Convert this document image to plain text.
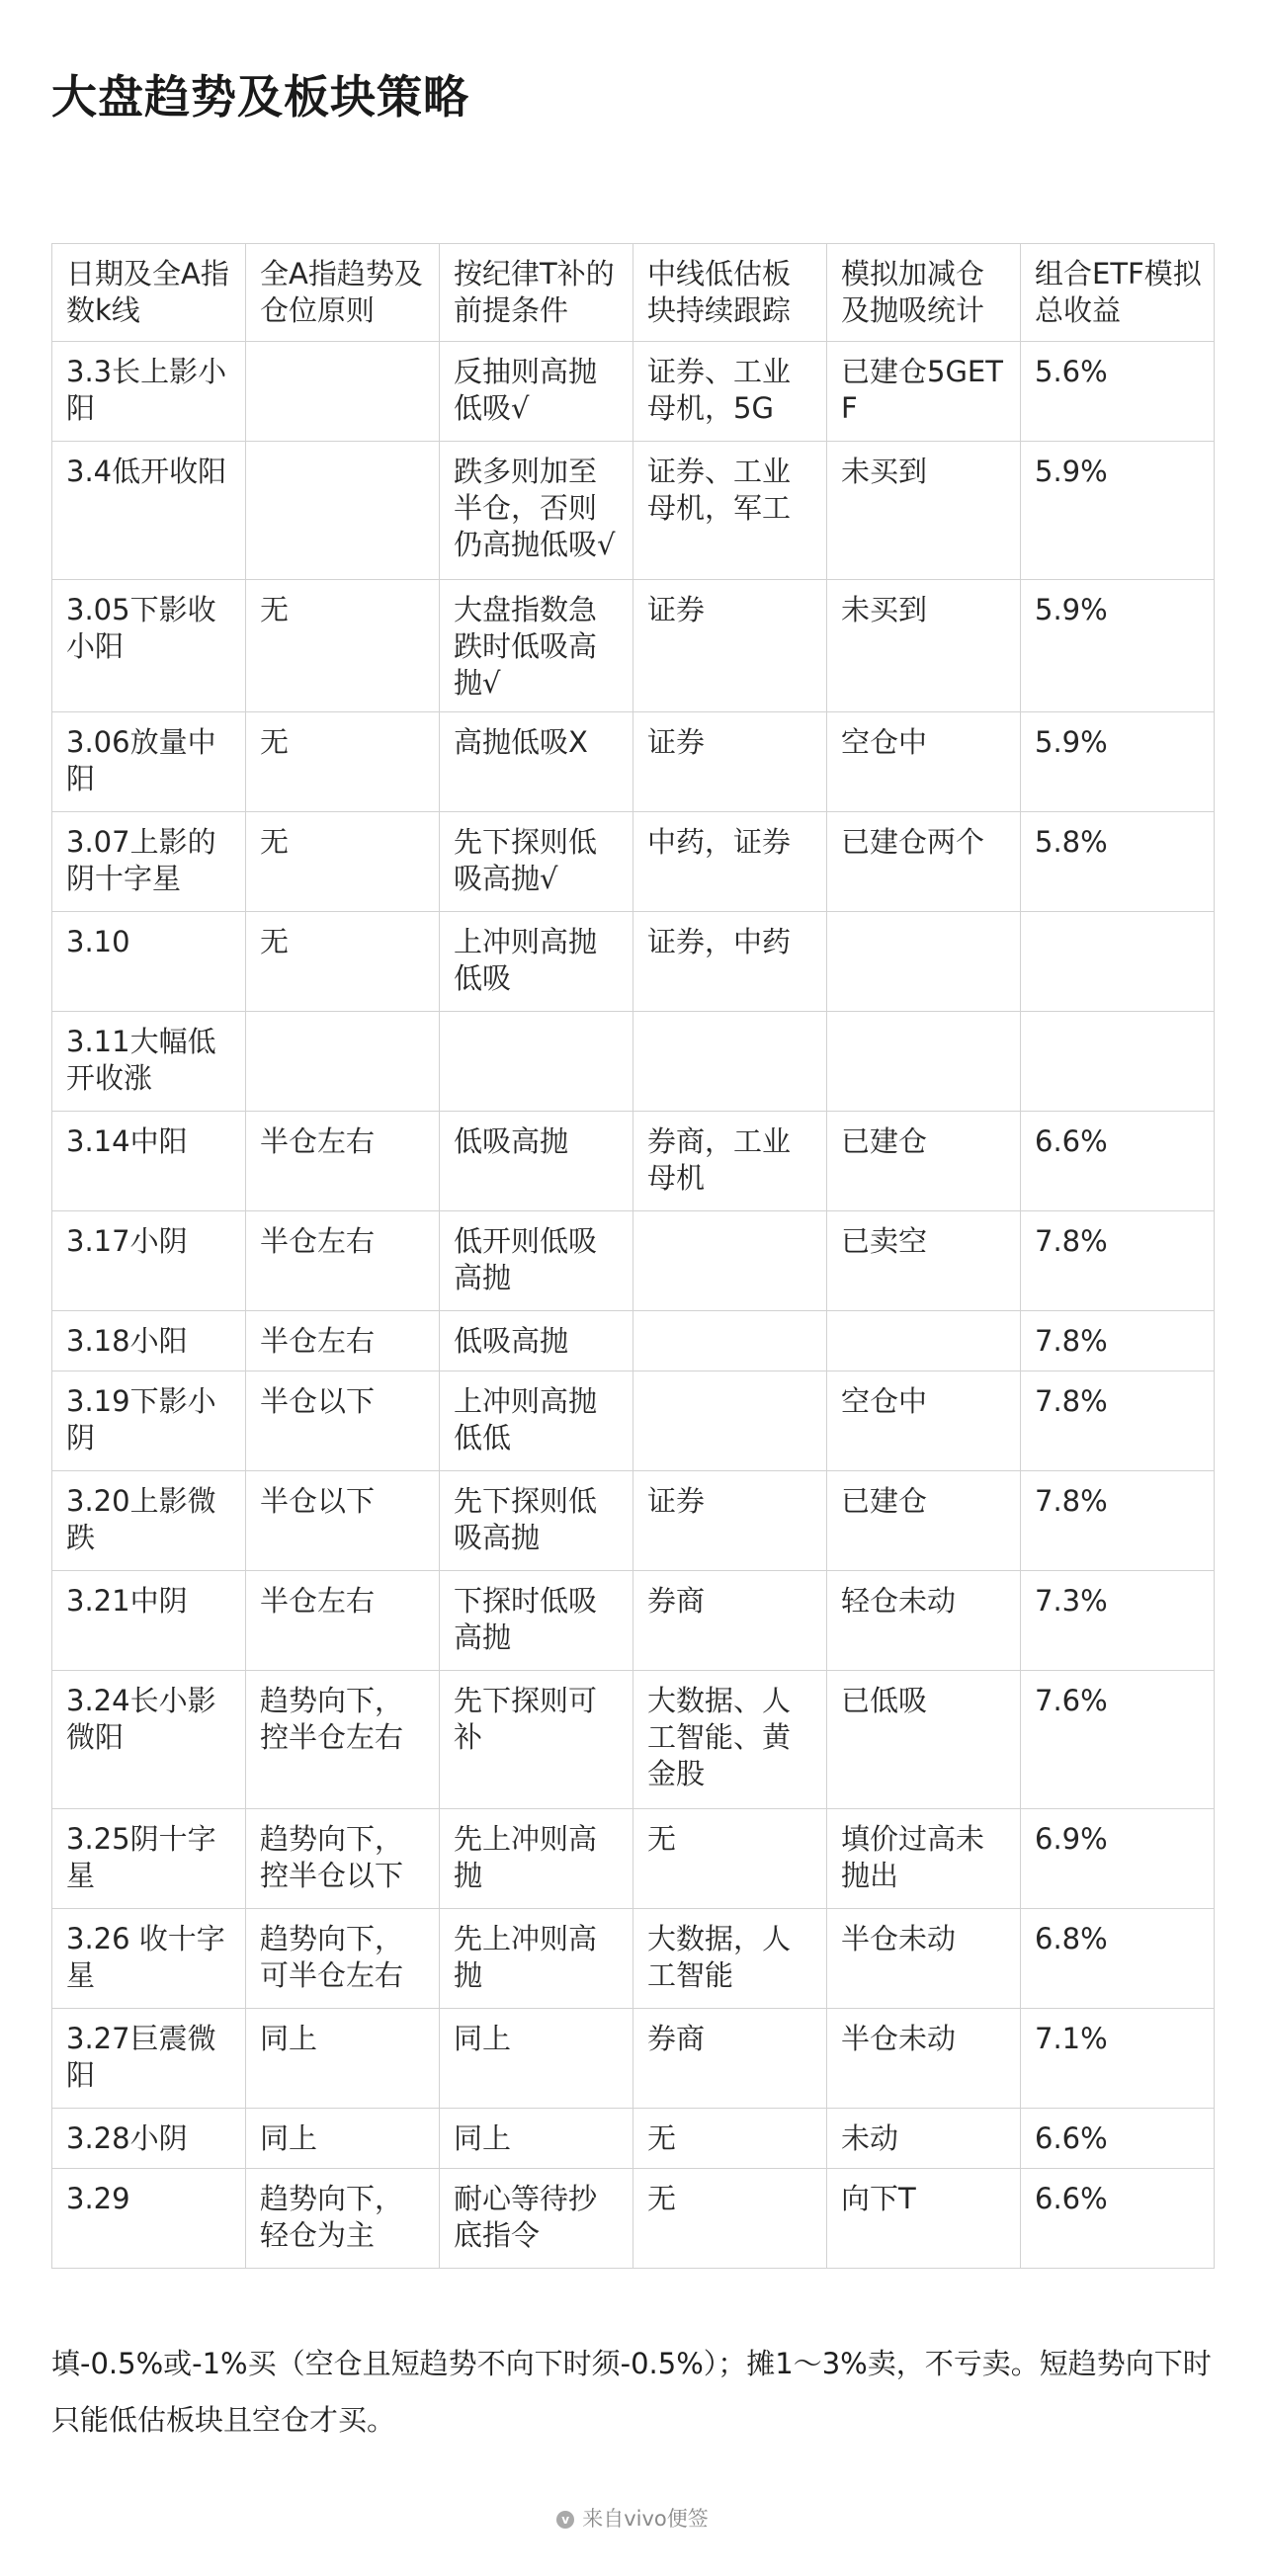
大盘趋势及板块策略
日期及全A指数k线	全A指趋势及仓位原则	按纪律T补的前提条件	中线低估板块持续跟踪	模拟加减仓及抛吸统计	组合ETF模拟总收益
3.3长上影小阳		反抽则高抛低吸√	证券、工业母机，5G	已建仓5GETF	5.6%
3.4低开收阳		跌多则加至半仓，否则仍高抛低吸√	证券、工业母机，军工	未买到	5.9%
3.05下影收小阳	无	大盘指数急跌时低吸高抛√	证券	未买到	5.9%
3.06放量中阳	无	高抛低吸X	证券	空仓中	5.9%
3.07上影的阴十字星	无	先下探则低吸高抛√	中药，证券	已建仓两个	5.8%
3.10	无	上冲则高抛低吸	证券，中药		
3.11大幅低开收涨					
3.14中阳	半仓左右	低吸高抛	券商，工业母机	已建仓	6.6%
3.17小阴	半仓左右	低开则低吸高抛		已卖空	7.8%
3.18小阳	半仓左右	低吸高抛			7.8%
3.19下影小阴	半仓以下	上冲则高抛低低		空仓中	7.8%
3.20上影微跌	半仓以下	先下探则低吸高抛	证券	已建仓	7.8%
3.21中阴	半仓左右	下探时低吸高抛	券商	轻仓未动	7.3%
3.24长小影微阳	趋势向下，控半仓左右	先下探则可补	大数据、人工智能、黄金股	已低吸	7.6%
3.25阴十字星	趋势向下，控半仓以下	先上冲则高抛	无	填价过高未抛出	6.9%
3.26 收十字星	趋势向下，可半仓左右	先上冲则高抛	大数据，人工智能	半仓未动	6.8%
3.27巨震微阳	同上	同上	券商	半仓未动	7.1%
3.28小阴	同上	同上	无	未动	6.6%
3.29	趋势向下，轻仓为主	耐心等待抄底指令	无	向下T	6.6%

填-0.5%或-1%买（空仓且短趋势不向下时须-0.5%）；摊1～3%卖，不亏卖。短趋势向下时只能低估板块且空仓才买。

v 来自vivo便签
